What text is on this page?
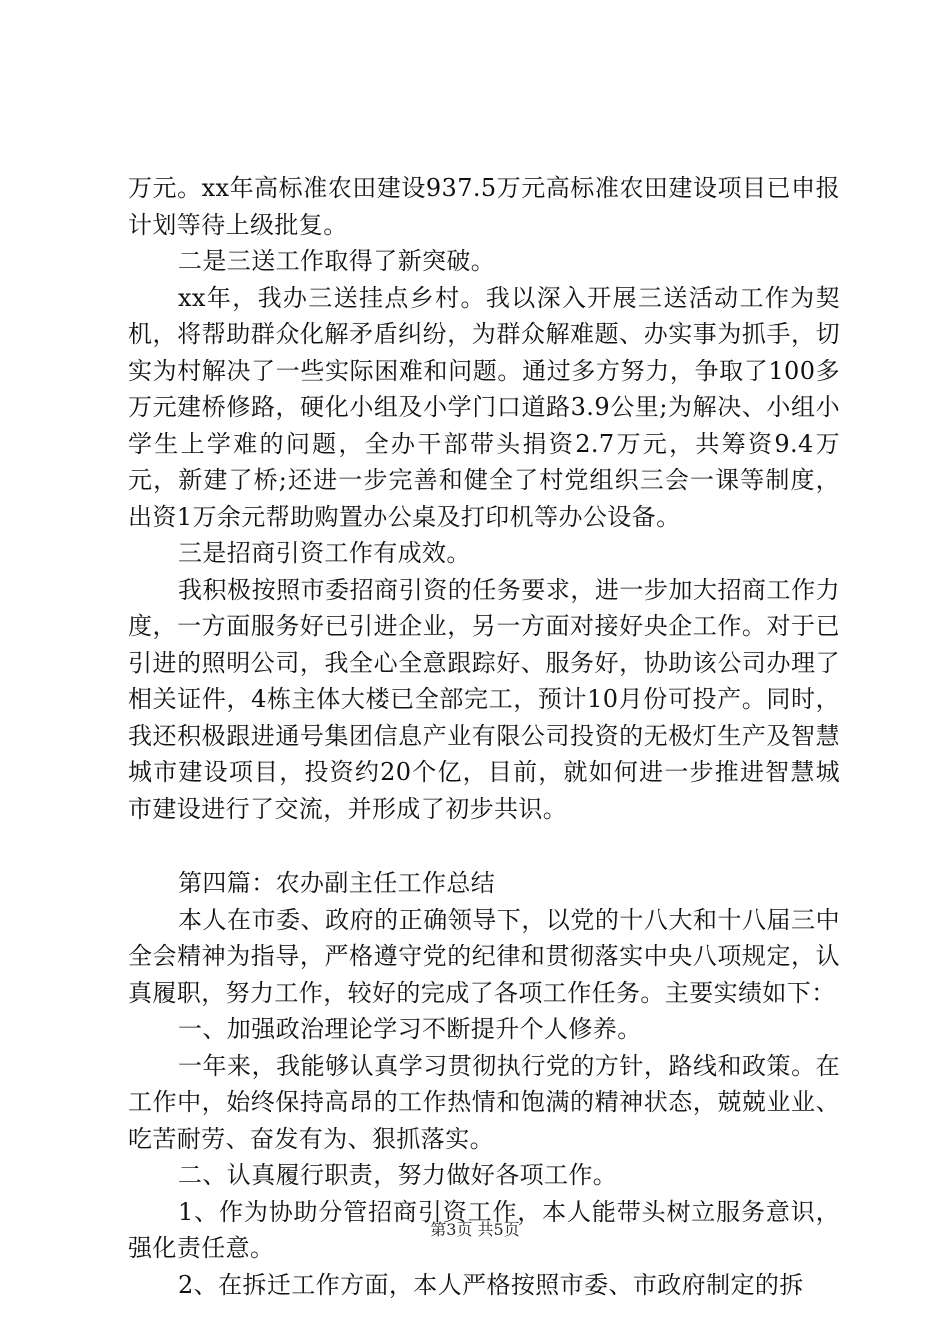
万元。xx年高标准农田建设937.5万元高标准农田建设项目已申报计划等待上级批复。

二是三送工作取得了新突破。

xx年，我办三送挂点乡村。我以深入开展三送活动工作为契机，将帮助群众化解矛盾纠纷，为群众解难题、办实事为抓手，切实为村解决了一些实际困难和问题。通过多方努力，争取了100多万元建桥修路，硬化小组及小学门口道路3.9公里;为解决、小组小学生上学难的问题，全办干部带头捐资2.7万元，共筹资9.4万元，新建了桥;还进一步完善和健全了村党组织三会一课等制度，出资1万余元帮助购置办公桌及打印机等办公设备。

三是招商引资工作有成效。

我积极按照市委招商引资的任务要求，进一步加大招商工作力度，一方面服务好已引进企业，另一方面对接好央企工作。对于已引进的照明公司，我全心全意跟踪好、服务好，协助该公司办理了相关证件，4栋主体大楼已全部完工，预计10月份可投产。同时，我还积极跟进通号集团信息产业有限公司投资的无极灯生产及智慧城市建设项目，投资约20个亿，目前，就如何进一步推进智慧城市建设进行了交流，并形成了初步共识。

第四篇：农办副主任工作总结

本人在市委、政府的正确领导下，以党的十八大和十八届三中全会精神为指导，严格遵守党的纪律和贯彻落实中央八项规定，认真履职，努力工作，较好的完成了各项工作任务。主要实绩如下：

一、加强政治理论学习不断提升个人修养。

一年来，我能够认真学习贯彻执行党的方针，路线和政策。在工作中，始终保持高昂的工作热情和饱满的精神状态，兢兢业业、吃苦耐劳、奋发有为、狠抓落实。

二、认真履行职责，努力做好各项工作。

1、作为协助分管招商引资工作，本人能带头树立服务意识，强化责任意。

2、在拆迁工作方面，本人严格按照市委、市政府制定的拆

第3页 共5页
